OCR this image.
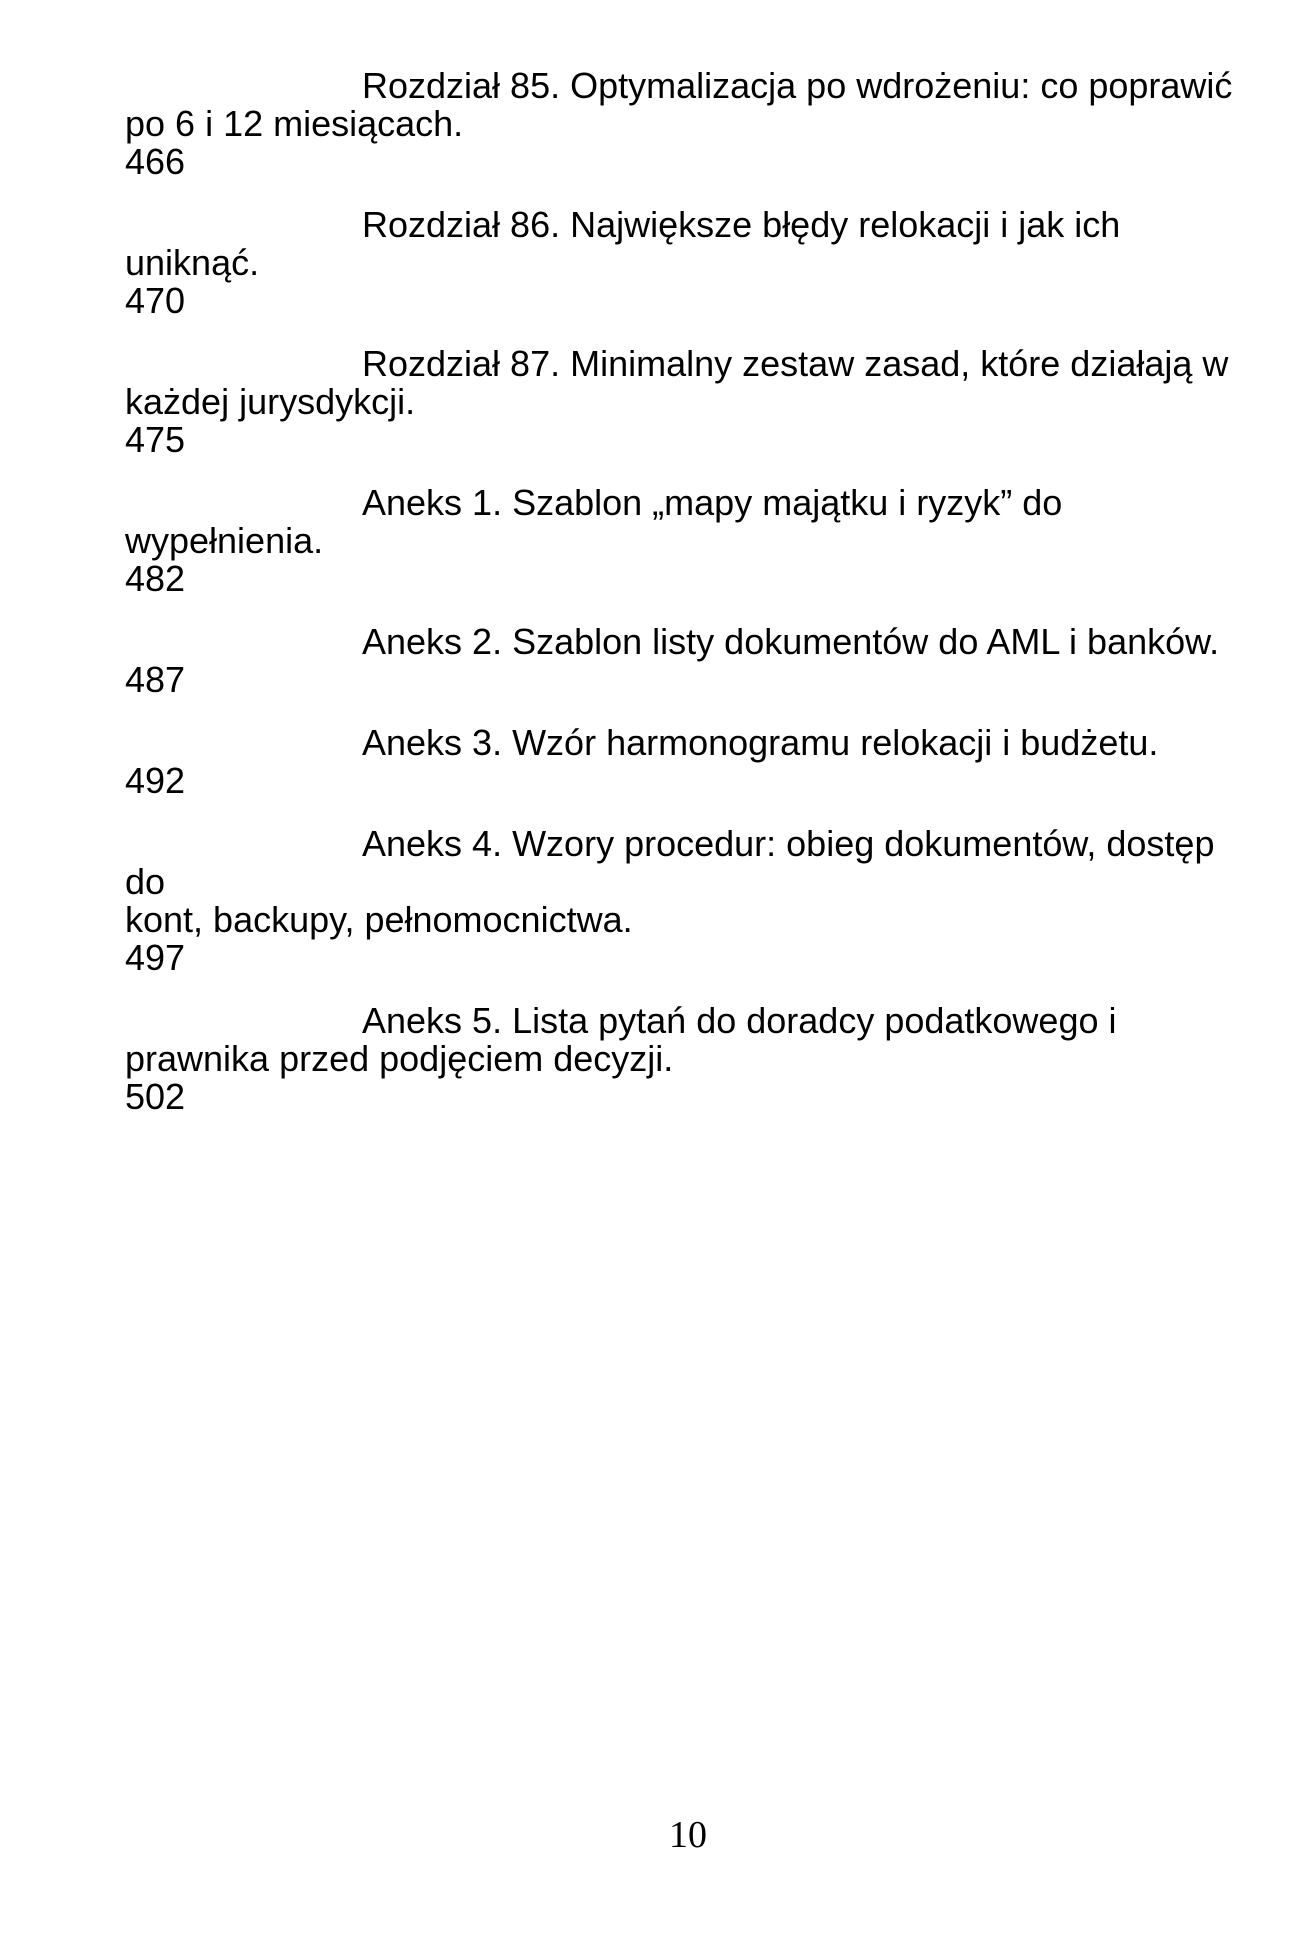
Rozdział 85. Optymalizacja po wdrożeniu: co poprawić
po 6 i 12 miesiącach.
466

Rozdział 86. Największe błędy relokacji i jak ich uniknąć.
470

Rozdział 87. Minimalny zestaw zasad, które działają w
każdej jurysdykcji.
475

Aneks 1. Szablon „mapy majątku i ryzyk” do
wypełnienia.
482

Aneks 2. Szablon listy dokumentów do AML i banków.
487

Aneks 3. Wzór harmonogramu relokacji i budżetu.
492

Aneks 4. Wzory procedur: obieg dokumentów, dostęp do
kont, backupy, pełnomocnictwa.
497

Aneks 5. Lista pytań do doradcy podatkowego i
prawnika przed podjęciem decyzji.
502

10
